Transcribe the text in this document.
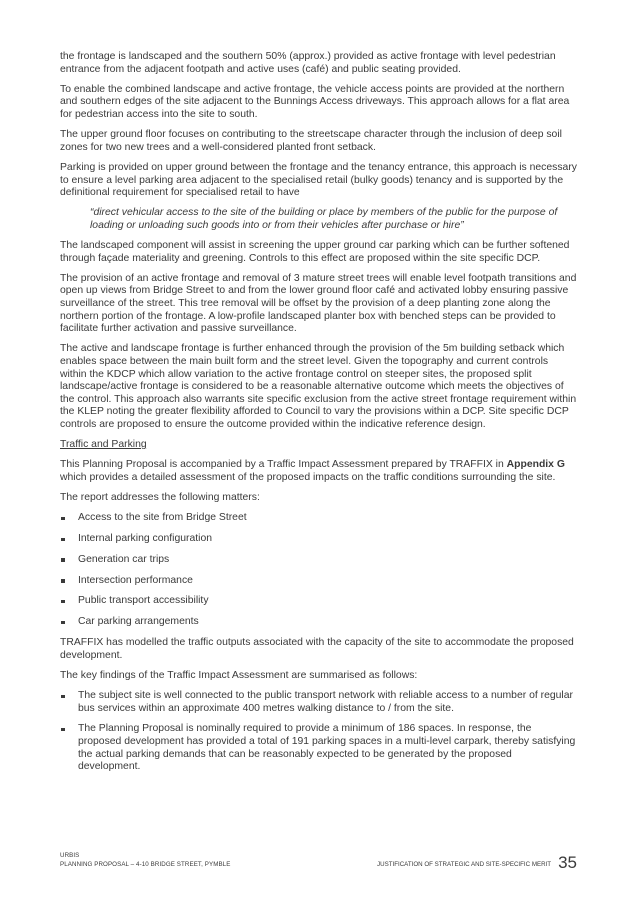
the frontage is landscaped and the southern 50% (approx.) provided as active frontage with level pedestrian entrance from the adjacent footpath and active uses (café) and public seating provided.

To enable the combined landscape and active frontage, the vehicle access points are provided at the northern and southern edges of the site adjacent to the Bunnings Access driveways. This approach allows for a flat area for pedestrian access into the site to south.

The upper ground floor focuses on contributing to the streetscape character through the inclusion of deep soil zones for two new trees and a well-considered planted front setback.

Parking is provided on upper ground between the frontage and the tenancy entrance, this approach is necessary to ensure a level parking area adjacent to the specialised retail (bulky goods) tenancy and is supported by the definitional requirement for specialised retail to have

“direct vehicular access to the site of the building or place by members of the public for the purpose of loading or unloading such goods into or from their vehicles after purchase or hire”

The landscaped component will assist in screening the upper ground car parking which can be further softened through façade materiality and greening. Controls to this effect are proposed within the site specific DCP.

The provision of an active frontage and removal of 3 mature street trees will enable level footpath transitions and open up views from Bridge Street to and from the lower ground floor café and activated lobby ensuring passive surveillance of the street. This tree removal will be offset by the provision of a deep planting zone along the northern portion of the frontage. A low-profile landscaped planter box with benched steps can be provided to facilitate further activation and passive surveillance.

The active and landscape frontage is further enhanced through the provision of the 5m building setback which enables space between the main built form and the street level. Given the topography and current controls within the KDCP which allow variation to the active frontage control on steeper sites, the proposed split landscape/active frontage is considered to be a reasonable alternative outcome which meets the objectives of the control. This approach also warrants site specific exclusion from the active street frontage requirement within the KLEP noting the greater flexibility afforded to Council to vary the provisions within a DCP. Site specific DCP controls are proposed to ensure the outcome provided within the indicative reference design.

Traffic and Parking

This Planning Proposal is accompanied by a Traffic Impact Assessment prepared by TRAFFIX in Appendix G which provides a detailed assessment of the proposed impacts on the traffic conditions surrounding the site.

The report addresses the following matters:

Access to the site from Bridge Street
Internal parking configuration
Generation car trips
Intersection performance
Public transport accessibility
Car parking arrangements

TRAFFIX has modelled the traffic outputs associated with the capacity of the site to accommodate the proposed development.

The key findings of the Traffic Impact Assessment are summarised as follows:

The subject site is well connected to the public transport network with reliable access to a number of regular bus services within an approximate 400 metres walking distance to / from the site.
The Planning Proposal is nominally required to provide a minimum of 186 spaces. In response, the proposed development has provided a total of 191 parking spaces in a multi-level carpark, thereby satisfying the actual parking demands that can be reasonably expected to be generated by the proposed development.
URBIS
PLANNING PROPOSAL – 4-10 BRIDGE STREET, PYMBLE	JUSTIFICATION OF STRATEGIC AND SITE-SPECIFIC MERIT 35
